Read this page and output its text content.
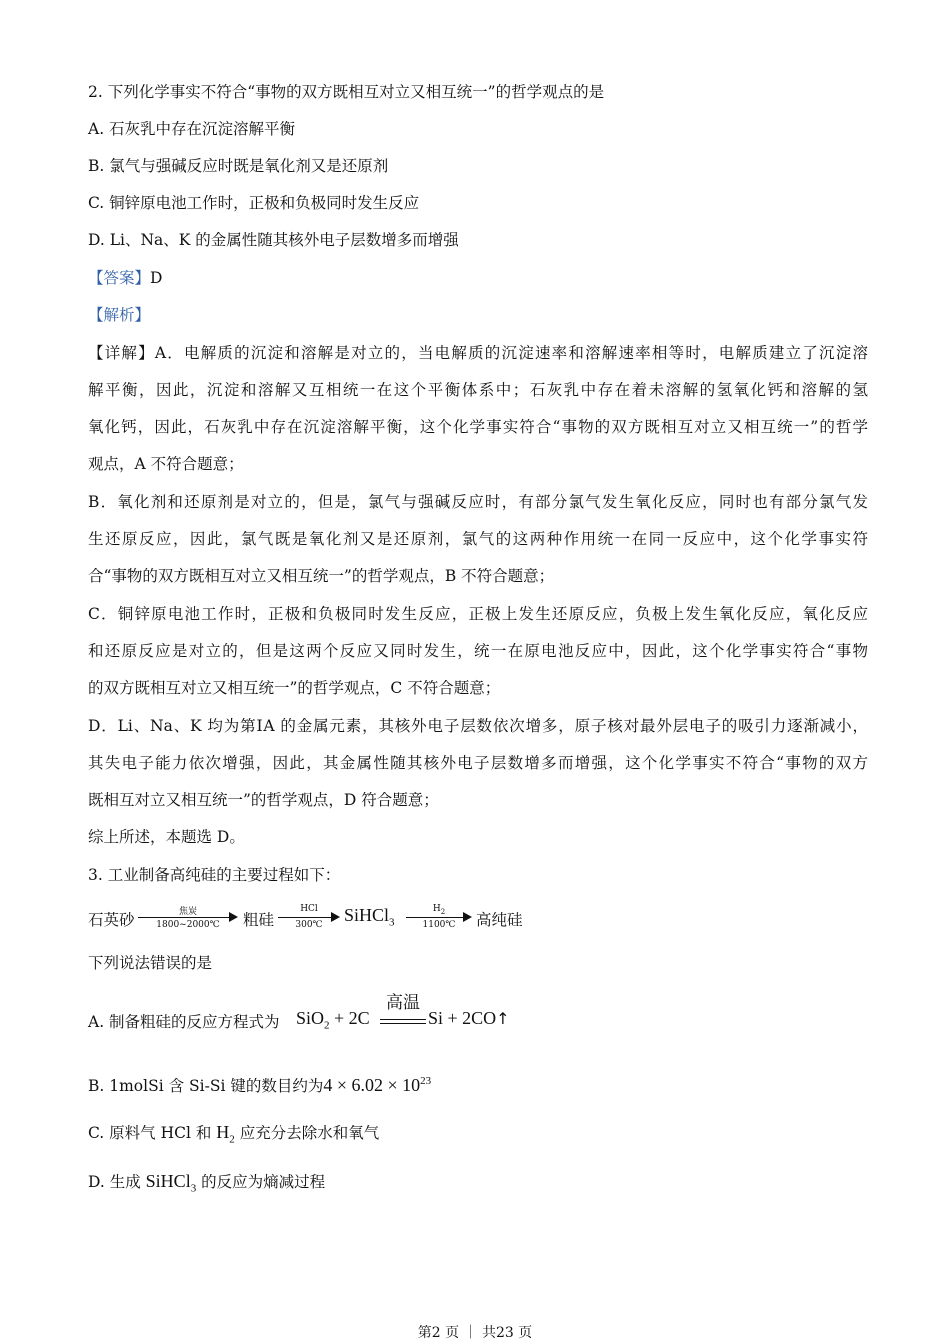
2. 下列化学事实不符合“事物的双方既相互对立又相互统一”的哲学观点的是
A. 石灰乳中存在沉淀溶解平衡
B. 氯气与强碱反应时既是氧化剂又是还原剂
C. 铜锌原电池工作时，正极和负极同时发生反应
D. Li、Na、K 的金属性随其核外电子层数增多而增强
【答案】D
【解析】
【详解】A．电解质的沉淀和溶解是对立的，当电解质的沉淀速率和溶解速率相等时，电解质建立了沉淀溶
解平衡，因此，沉淀和溶解又互相统一在这个平衡体系中；石灰乳中存在着未溶解的氢氧化钙和溶解的氢
氧化钙，因此，石灰乳中存在沉淀溶解平衡，这个化学事实符合“事物的双方既相互对立又相互统一”的哲学
观点，A 不符合题意；
B．氧化剂和还原剂是对立的，但是，氯气与强碱反应时，有部分氯气发生氧化反应，同时也有部分氯气发
生还原反应，因此，氯气既是氧化剂又是还原剂，氯气的这两种作用统一在同一反应中，这个化学事实符
合“事物的双方既相互对立又相互统一”的哲学观点，B 不符合题意；
C．铜锌原电池工作时，正极和负极同时发生反应，正极上发生还原反应，负极上发生氧化反应，氧化反应
和还原反应是对立的，但是这两个反应又同时发生，统一在原电池反应中，因此，这个化学事实符合“事物
的双方既相互对立又相互统一”的哲学观点，C 不符合题意；
D．Li、Na、K 均为第ⅠA 的金属元素，其核外电子层数依次增多，原子核对最外层电子的吸引力逐渐减小，
其失电子能力依次增强，因此，其金属性随其核外电子层数增多而增强，这个化学事实不符合“事物的双方
既相互对立又相互统一”的哲学观点，D 符合题意；
综上所述，本题选 D。
3. 工业制备高纯硅的主要过程如下：
石英砂	焦炭
1800~2000℃	粗硅
HCl
300℃	SiHCl$_3$
$H_2$
1100℃	高纯硅
下列说法错误的是
A. 制备粗硅的反应方程式为 SiO$_2$ + 2C
高温
Si + 2CO↑
B. 1molSi 含 Si-Si 键的数目约为$4 \times 6.02 \times 10^{23}$
C. 原料气 HCl 和 $H_2$ 应充分去除水和氧气
D. 生成 SiHCl$_3$ 的反应为熵减过程
第2 页 ｜ 共23 页
